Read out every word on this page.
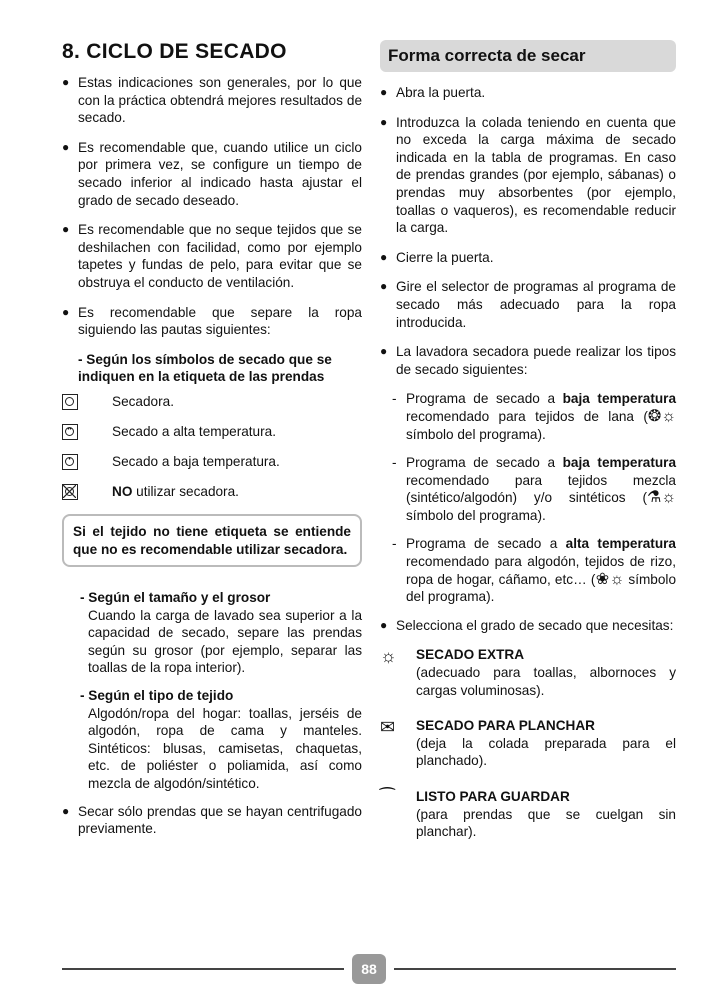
8. CICLO DE SECADO
● Estas indicaciones son generales, por lo que con la práctica obtendrá mejores resultados de secado.
● Es recomendable que, cuando utilice un ciclo por primera vez, se configure un tiempo de secado inferior al indicado hasta ajustar el grado de secado deseado.
● Es recomendable que no seque tejidos que se deshilachen con facilidad, como por ejemplo tapetes y fundas de pelo, para evitar que se obstruya el conducto de ventilación.
● Es recomendable que separe la ropa siguiendo las pautas siguientes:
- Según los símbolos de secado que se indiquen en la etiqueta de las prendas
Secadora.
••	Secado a alta temperatura.
•	Secado a baja temperatura.
NO utilizar secadora.
Si el tejido no tiene etiqueta se entiende que no es recomendable utilizar secadora.
- Según el tamaño y el grosor
Cuando la carga de lavado sea superior a la capacidad de secado, separe las prendas según su grosor (por ejemplo, separar las toallas de la ropa interior).
- Según el tipo de tejido
Algodón/ropa del hogar: toallas, jerséis de algodón, ropa de cama y manteles. Sintéticos: blusas, camisetas, chaquetas, etc. de poliéster o poliamida, así como mezcla de algodón/sintético.
● Secar sólo prendas que se hayan centrifugado previamente.
Forma correcta de secar
● Abra la puerta.
● Introduzca la colada teniendo en cuenta que no exceda la carga máxima de secado indicada en la tabla de programas. En caso de prendas grandes (por ejemplo, sábanas) o prendas muy absorbentes (por ejemplo, toallas o vaqueros), es recomendable reducir la carga.
● Cierre la puerta.
● Gire el selector de programas al programa de secado más adecuado para la ropa introducida.
● La lavadora secadora puede realizar los tipos de secado siguientes:
- Programa de secado a baja temperatura recomendado para tejidos de lana (❂☼ símbolo del programa).
- Programa de secado a baja temperatura recomendado para tejidos mezcla (sintético/algodón) y/o sintéticos (⚗☼ símbolo del programa).
- Programa de secado a alta temperatura recomendado para algodón, tejidos de rizo, ropa de hogar, cáñamo, etc… (❀☼ símbolo del programa).
● Selecciona el grado de secado que necesitas:
☼	SECADO EXTRA
(adecuado para toallas, albornoces y cargas voluminosas).
✉	SECADO PARA PLANCHAR
(deja la colada preparada para el planchado).
⁀	LISTO PARA GUARDAR
(para prendas que se cuelgan sin planchar).
88
